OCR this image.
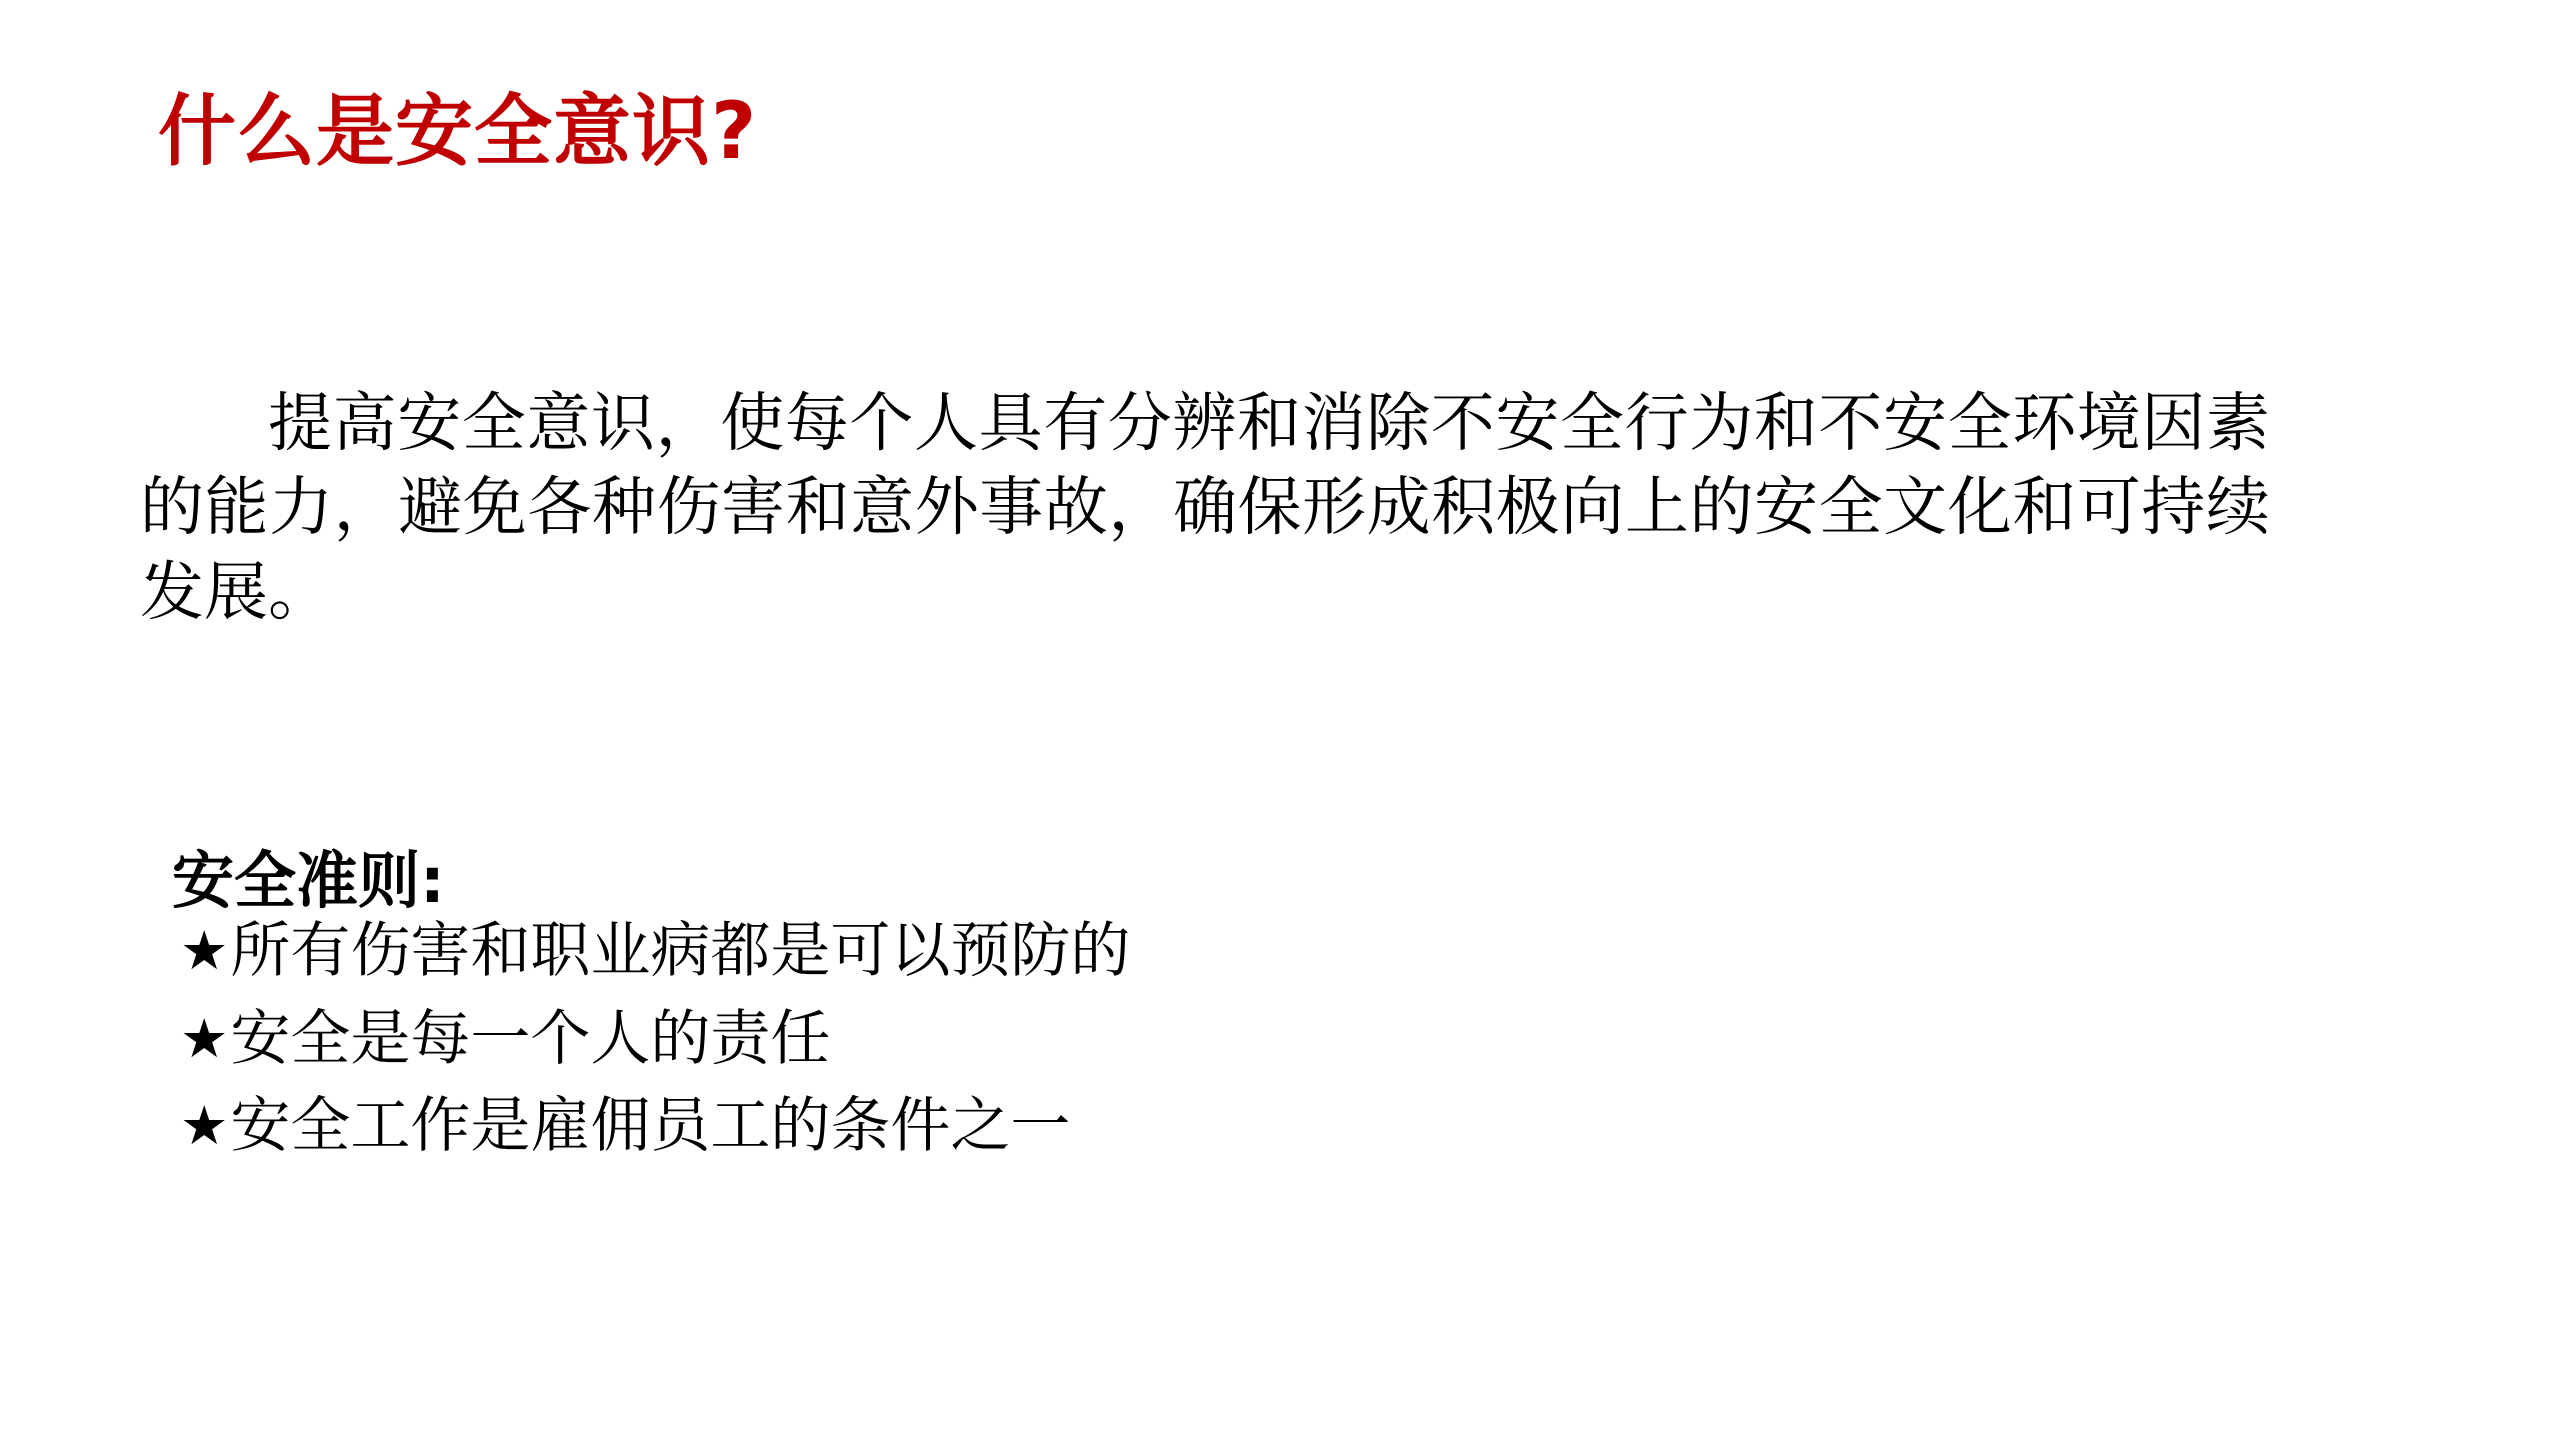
什么是安全意识?

提高安全意识，使每个人具有分辨和消除不安全行为和不安全环境因素的能力，避免各种伤害和意外事故，确保形成积极向上的安全文化和可持续发展。

安全准则:
★所有伤害和职业病都是可以预防的
★安全是每一个人的责任
★安全工作是雇佣员工的条件之一
